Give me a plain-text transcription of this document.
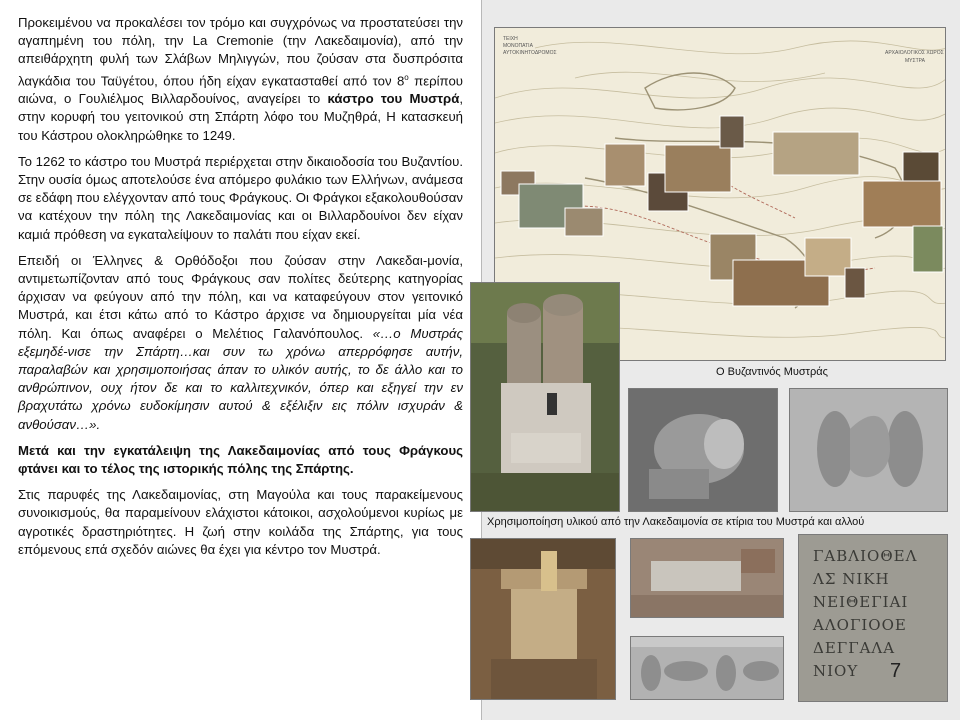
Προκειμένου να προκαλέσει τον τρόμο και συγχρόνως να προστατεύσει την αγαπημένη του πόλη, την La Cremonie (την Λακεδαιμονία), από την απειθάρχητη φυλή των Σλάβων Μηλιγγών, που ζούσαν στα δυσπρόσιτα λαγκάδια του Ταϋγέτου, όπου ήδη είχαν εγκατασταθεί από τον $8^o$ περίπου αιώνα, ο Γουλιέλμος Βιλλαρδουίνος, αναγείρει το κάστρο του Μυστρά, στην κορυφή του γειτονικού στη Σπάρτη λόφο του Μυζηθρά, Η κατασκευή του Κάστρου ολοκληρώθηκε το 1249.

Το 1262 το κάστρο του Μυστρά περιέρχεται στην δικαιοδοσία του Βυζαντίου. Στην ουσία όμως αποτελούσε ένα απόμερο φυλάκιο των Ελλήνων, ανάμεσα σε εδάφη που ελέγχονταν από τους Φράγκους. Οι Φράγκοι εξακολουθούσαν να κατέχουν την πόλη της Λακεδαιμονίας και οι Βιλλαρδουίνοι δεν είχαν καμιά πρόθεση να εγκαταλείψουν το παλάτι που είχαν εκεί.

Επειδή οι Έλληνες & Ορθόδοξοι που ζούσαν στην Λακεδαι-μονία, αντιμετωπίζονταν από τους Φράγκους σαν πολίτες δεύτερης κατηγορίας άρχισαν να φεύγουν από την πόλη, και να καταφεύγουν στον γειτονικό Μυστρά, και έτσι κάτω από το Κάστρο άρχισε να δημιουργείται μία νέα πόλη. Και όπως αναφέρει ο Μελέτιος Γαλανόπουλος. «…ο Μυστράς εξεμηδέ-νισε την Σπάρτη…και συν τω χρόνω απερρόφησε αυτήν, παραλαβών και χρησιμοποιήσας άπαν το υλικόν αυτής, το δε άλλο και το ανθρώπινον, ουχ ήτον δε και το καλλιτεχνικόν, όπερ και εξηγεί την εν βραχυτάτω χρόνω ευδοκίμησιν αυτού & εξέλιξιν εις πόλιν ισχυράν & ανθούσαν…».

Μετά και την εγκατάλειψη της Λακεδαιμονίας από τους Φράγκους φτάνει και το τέλος της ιστορικής πόλης της Σπάρτης.

Στις παρυφές της Λακεδαιμονίας, στη Μαγούλα και τους παρακείμενους συνοικισμούς, θα παραμείνουν ελάχιστοι κάτοικοι, ασχολούμενοι κυρίως με αγροτικές δραστηριότητες. Η ζωή στην κοιλάδα της Σπάρτης, για τους επόμενους επά σχεδόν αιώνες θα έχει για κέντρο τον Μυστρά.

ΤΕΙΧΗ
ΜΟΝΟΠΑΤΙΑ
ΑΥΤΟΚΙΝΗΤΟΔΡΟΜΟΣ	ΑΡΧΑΙΟΛΟΓΙΚΟΣ ΧΩΡΟΣ
ΜΥΣΤΡΑ
Ο Βυζαντινός Μυστράς
Χρησιμοποίηση υλικού από την Λακεδαιμονία σε κτίρια του Μυστρά και αλλού
ΓΑΒΛΙΟΘΕΛ
ΛΣ ΝΙΚΗ
ΝΕΙΘΕΓΙΑΙ
ΑΛΟΓΙΟΟΕ
ΔΕΓΓΑΛΑ
ΝΙΟΥ	7
